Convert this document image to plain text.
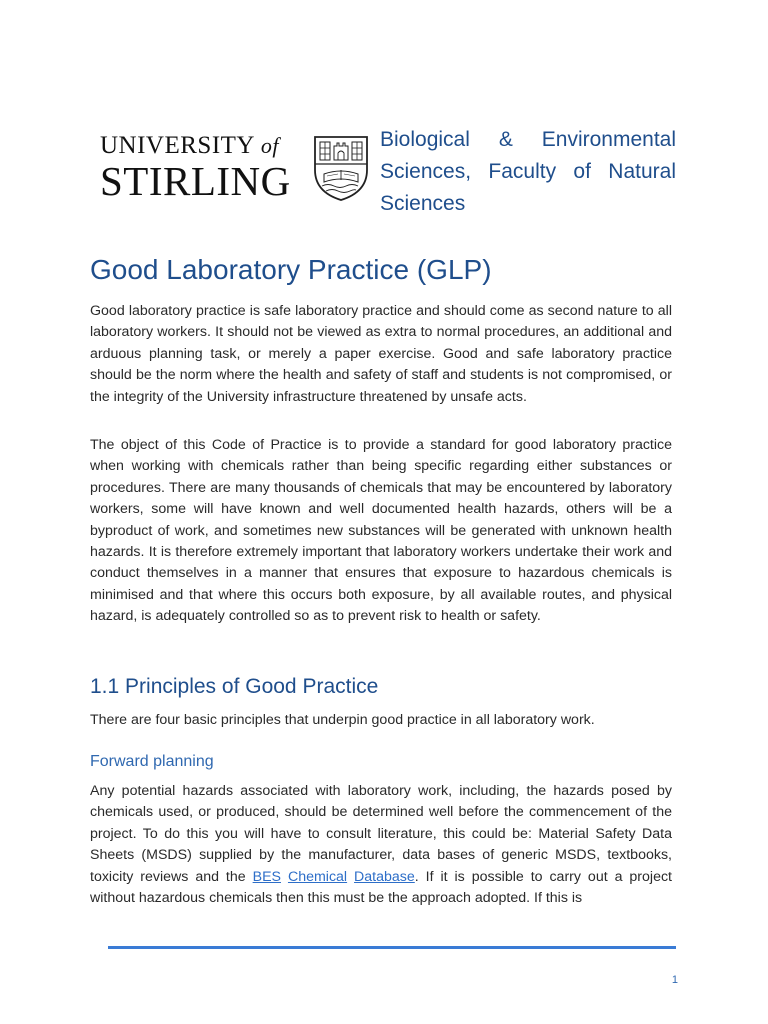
UNIVERSITY of
STIRLING
Biological & Environmental Sciences, Faculty of Natural Sciences
Good Laboratory Practice (GLP)

Good laboratory practice is safe laboratory practice and should come as second nature to all laboratory workers. It should not be viewed as extra to normal procedures, an additional and arduous planning task, or merely a paper exercise. Good and safe laboratory practice should be the norm where the health and safety of staff and students is not compromised, or the integrity of the University infrastructure threatened by unsafe acts.

The object of this Code of Practice is to provide a standard for good laboratory practice when working with chemicals rather than being specific regarding either substances or procedures. There are many thousands of chemicals that may be encountered by laboratory workers, some will have known and well documented health hazards, others will be a byproduct of work, and sometimes new substances will be generated with unknown health hazards. It is therefore extremely important that laboratory workers undertake their work and conduct themselves in a manner that ensures that exposure to hazardous chemicals is minimised and that where this occurs both exposure, by all available routes, and physical hazard, is adequately controlled so as to prevent risk to health or safety.

1.1 Principles of Good Practice

There are four basic principles that underpin good practice in all laboratory work.

Forward planning

Any potential hazards associated with laboratory work, including, the hazards posed by chemicals used, or produced, should be determined well before the commencement of the project. To do this you will have to consult literature, this could be: Material Safety Data Sheets (MSDS) supplied by the manufacturer, data bases of generic MSDS, textbooks, toxicity reviews and the BES Chemical Database. If it is possible to carry out a project without hazardous chemicals then this must be the approach adopted. If this is

1
